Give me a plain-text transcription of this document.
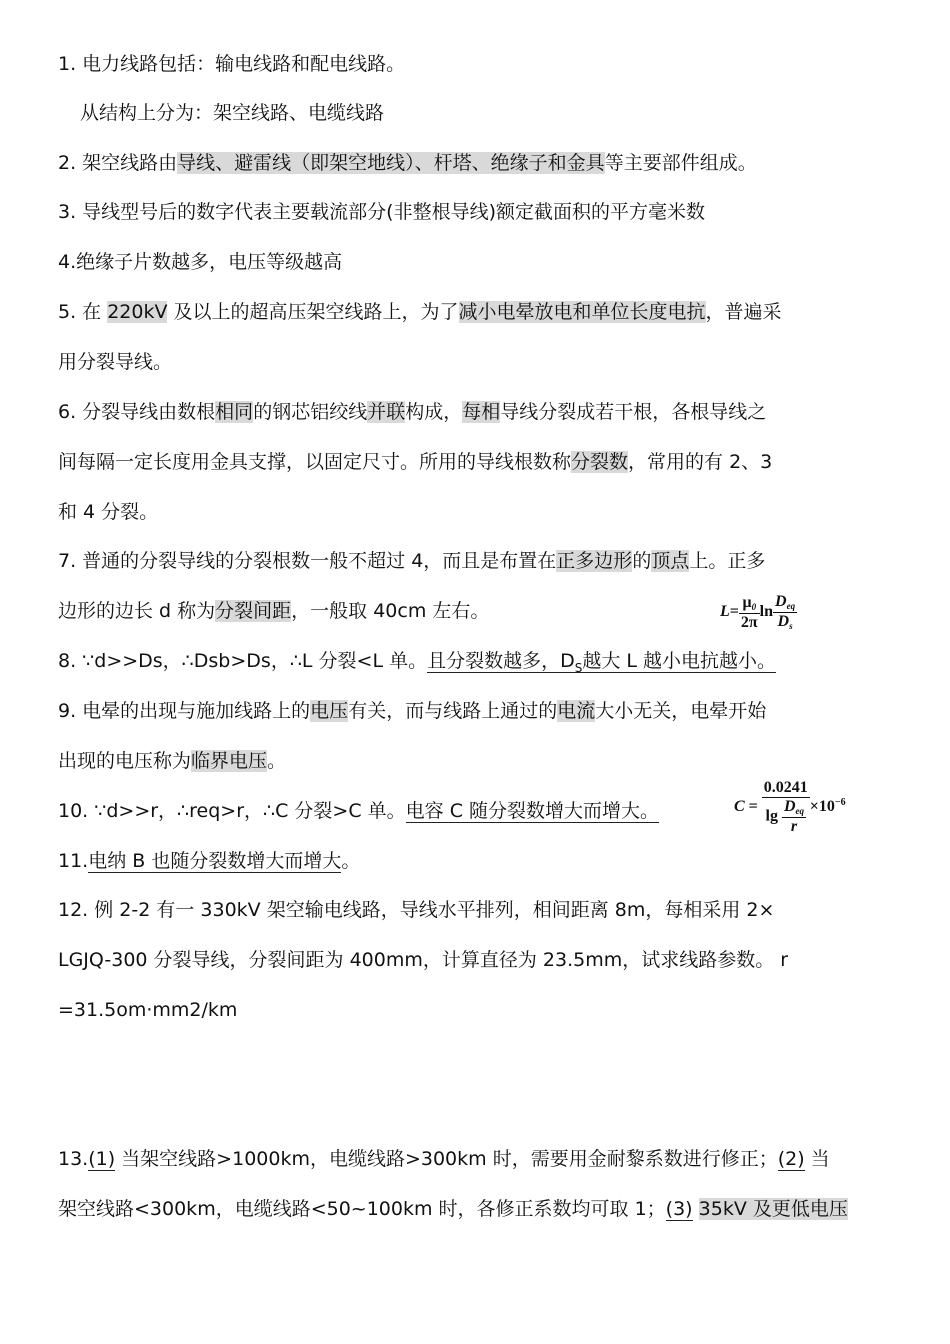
1. 电力线路包括：输电线路和配电线路。
从结构上分为：架空线路、电缆线路
2. 架空线路由导线、避雷线（即架空地线）、杆塔、绝缘子和金具等主要部件组成。
3. 导线型号后的数字代表主要载流部分(非整根导线)额定截面积的平方毫米数
4.绝缘子片数越多，电压等级越高
5. 在 220kV 及以上的超高压架空线路上，为了减小电晕放电和单位长度电抗，普遍采
用分裂导线。
6. 分裂导线由数根相同的钢芯铝绞线并联构成，每相导线分裂成若干根，各根导线之
间每隔一定长度用金具支撑，以固定尺寸。所用的导线根数称分裂数，常用的有 2、3
和 4 分裂。
7. 普通的分裂导线的分裂根数一般不超过 4，而且是布置在正多边形的顶点上。正多
边形的边长 d 称为分裂间距，一般取 40cm 左右。	$L= \frac{\mu 0}{2\pi}$ $\ln \frac{\text{Deq}}{Ds}$
8. ∵d>>Ds，∴Dsb>Ds，∴L 分裂<L 单。且分裂数越多，$D_S$越大 L 越小电抗越小。
9. 电晕的出现与施加线路上的电压有关，而与线路上通过的电流大小无关，电晕开始
出现的电压称为临界电压。
10. ∵d>>r，∴req>r，∴C 分裂>C 单。电容 C 随分裂数增大而增大。	$C = \frac{0.0241}{\lg \frac{\text{Deq}}{r}} \times 10^{-6}$
11.电纳 B 也随分裂数增大而增大。
12. 例 2-2 有一 330kV 架空输电线路，导线水平排列，相间距离 8m，每相采用 2×
LGJQ-300 分裂导线，分裂间距为 400mm，计算直径为 23.5mm，试求线路参数。 r
=31.5om·mm2/km
13.(1) 当架空线路>1000km，电缆线路>300km 时，需要用金耐黎系数进行修正；(2) 当
架空线路<300km，电缆线路<50~100km 时，各修正系数均可取 1；(3) 35kV 及更低电压
